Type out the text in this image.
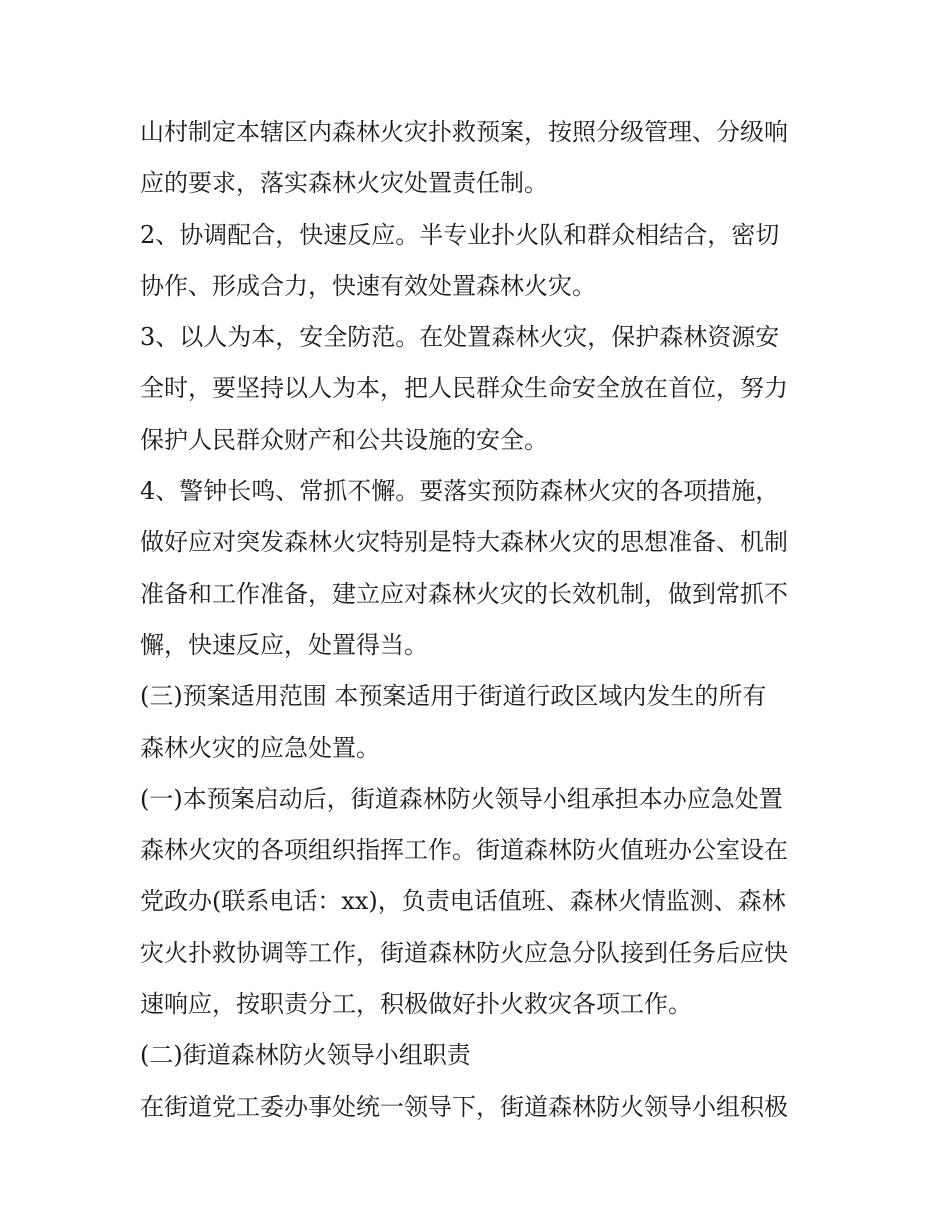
山村制定本辖区内森林火灾扑救预案，按照分级管理、分级响
应的要求，落实森林火灾处置责任制。
2、协调配合，快速反应。半专业扑火队和群众相结合，密切
协作、形成合力，快速有效处置森林火灾。
3、以人为本，安全防范。在处置森林火灾，保护森林资源安
全时，要坚持以人为本，把人民群众生命安全放在首位，努力
保护人民群众财产和公共设施的安全。
4、警钟长鸣、常抓不懈。要落实预防森林火灾的各项措施，
做好应对突发森林火灾特别是特大森林火灾的思想准备、机制
准备和工作准备，建立应对森林火灾的长效机制，做到常抓不
懈，快速反应，处置得当。
(三)预案适用范围 本预案适用于街道行政区域内发生的所有
森林火灾的应急处置。
(一)本预案启动后，街道森林防火领导小组承担本办应急处置
森林火灾的各项组织指挥工作。街道森林防火值班办公室设在
党政办(联系电话：xx)，负责电话值班、森林火情监测、森林
灾火扑救协调等工作，街道森林防火应急分队接到任务后应快
速响应，按职责分工，积极做好扑火救灾各项工作。
(二)街道森林防火领导小组职责
在街道党工委办事处统一领导下，街道森林防火领导小组积极
